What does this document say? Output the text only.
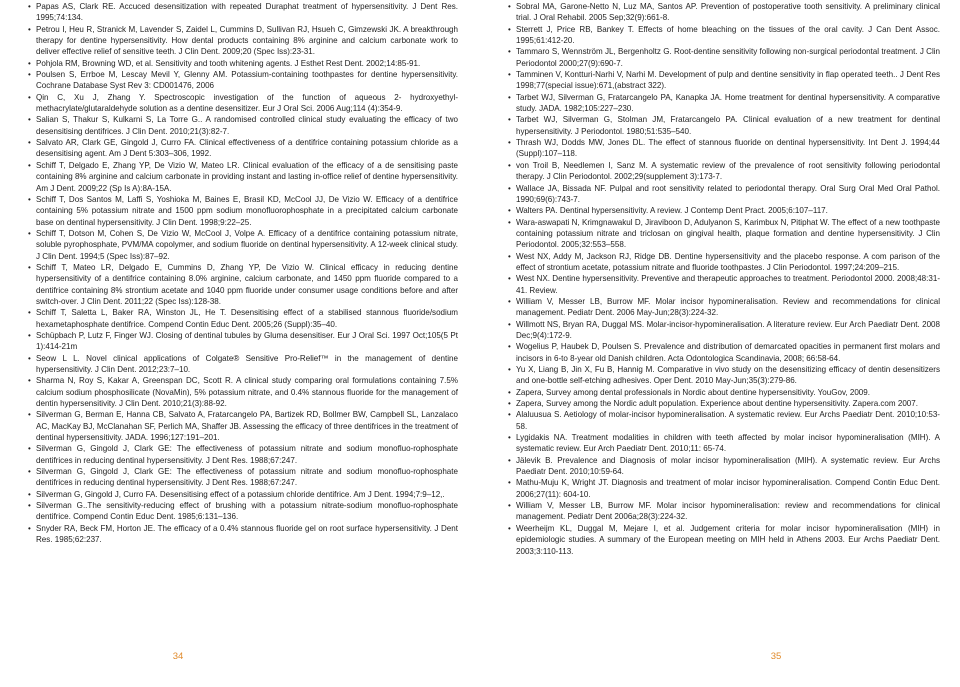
• Papas AS, Clark RE. Accuced desensitization with repeated Duraphat treatment of hypersensitivity. J Dent Res. 1995;74:134.
• Petrou I, Heu R, Stranick M, Lavender S, Zaidel L, Cummins D, Sullivan RJ, Hsueh C, Gimzewski JK. A breakthrough therapy for dentine hypersensitivity. How dental products containing 8% arginine and calcium carbonate work to deliver effective relief of sensitive teeth. J Clin Dent. 2009;20 (Spec Iss):23-31.
• Pohjola RM, Browning WD, et al. Sensitivity and tooth whitening agents. J Esthet Rest Dent. 2002;14:85-91.
• Poulsen S, Errboe M, Lescay Mevil Y, Glenny AM. Potassium-containing toothpastes for dentine hypersensitivity. Cochrane Database Syst Rev 3: CD001476, 2006
• Qin C, Xu J, Zhang Y. Spectroscopic investigation of the function of aqueous 2- hydroxyethyl-methacrylate/glutaraldehyde solution as a dentine desensitizer. Eur J Oral Sci. 2006 Aug;114 (4):354-9.
• Salian S, Thakur S, Kulkarni S, La Torre G.. A randomised controlled clinical study evaluating the efficacy of two desensitising dentifrices. J Clin Dent. 2010;21(3):82-7.
• Salvato AR, Clark GE, Gingold J, Curro FA. Clinical effectiveness of a dentifrice containing potassium chloride as a desensitising agent. Am J Dent 5:303–306, 1992.
• Schiff T, Delgado E, Zhang YP, De Vizio W, Mateo LR. Clinical evaluation of the efficacy of a de sensitising paste containing 8% arginine and calcium carbonate in providing instant and lasting in-office relief of dentine hypersensitivity. Am J Dent. 2009;22 (Sp Is A):8A-15A.
• Schiff T, Dos Santos M, Laffi S, Yoshioka M, Baines E, Brasil KD, McCool JJ, De Vizio W. Efficacy of a dentifrice containing 5% potassium nitrate and 1500 ppm sodium monofluorophosphate in a precipitated calcium carbonate base on dentinal hypersensitivity. J Clin Dent. 1998;9:22–25.
• Schiff T, Dotson M, Cohen S, De Vizio W, McCool J, Volpe A. Efficacy of a dentifrice containing potassium nitrate, soluble pyrophosphate, PVM/MA copolymer, and sodium fluoride on dentinal hypersensitivity. A 12-week clinical study. J Clin Dent. 1994;5 (Spec Iss):87–92.
• Schiff T, Mateo LR, Delgado E, Cummins D, Zhang YP, De Vizio W. Clinical efficacy in reducing dentine hypersensitivity of a dentifrice containing 8.0% arginine, calcium carbonate, and 1450 ppm fluoride compared to a dentifrice containing 8% strontium acetate and 1040 ppm fluoride under consumer usage conditions before and after switch-over. J Clin Dent. 2011;22 (Spec Iss):128-38.
• Schiff T, Saletta L, Baker RA, Winston JL, He T. Desensitising effect of a stabilised stannous fluoride/sodium hexametaphosphate dentifrice. Compend Contin Educ Dent. 2005;26 (Suppl):35–40.
• Schüpbach P, Lutz F, Finger WJ. Closing of dentinal tubules by Gluma desensitiser. Eur J Oral Sci. 1997 Oct;105(5 Pt 1):414-21m
• Seow L L. Novel clinical applications of Colgate® Sensitive Pro-Relief™ in the management of dentine hypersensitivity. J Clin Dent. 2012;23:7–10.
• Sharma N, Roy S, Kakar A, Greenspan DC, Scott R. A clinical study comparing oral formulations containing 7.5% calcium sodium phosphosilicate (NovaMin), 5% potassium nitrate, and 0.4% stannous fluoride for the management of dentin hypersensitivity. J Clin Dent. 2010;21(3):88-92.
• Silverman G, Berman E, Hanna CB, Salvato A, Fratarcangelo PA, Bartizek RD, Bollmer BW, Campbell SL, Lanzalaco AC, MacKay BJ, McClanahan SF, Perlich MA, Shaffer JB. Assessing the efficacy of three dentifrices in the treatment of dentinal hypersensitivity. JADA. 1996;127:191–201.
• Silverman G, Gingold J, Clark GE: The effectiveness of potassium nitrate and sodium monofluo-rophosphate dentifrices in reducing dentinal hypersensitivity. J Dent Res. 1988;67:247.
• Silverman G, Gingold J, Clark GE: The effectiveness of potassium nitrate and sodium monofluo-rophosphate dentifrices in reducing dentinal hypersensitivity. J Dent Res. 1988;67:247.
• Silverman G, Gingold J, Curro FA. Desensitising effect of a potassium chloride dentifrice. Am J Dent. 1994;7:9–12,.
• Silverman G..The sensitivity-reducing effect of brushing with a potassium nitrate-sodium monofluo-rophosphate dentifrice. Compend Contin Educ Dent. 1985;6:131–136.
• Snyder RA, Beck FM, Horton JE. The efficacy of a 0.4% stannous fluoride gel on root surface hypersensitivity. J Dent Res. 1985;62:237.
34
• Sobral MA, Garone-Netto N, Luz MA, Santos AP. Prevention of postoperative tooth sensitivity. A preliminary clinical trial. J Oral Rehabil. 2005 Sep;32(9):661-8.
• Sterrett J, Price RB, Bankey T. Effects of home bleaching on the tissues of the oral cavity. J Can Dent Assoc. 1995;61:412-20.
• Tammaro S, Wennström JL, Bergenholtz G. Root-dentine sensitivity following non-surgical periodontal treatment. J Clin Periodontol 2000;27(9):690-7.
• Tamminen V, Kontturi-Narhi V, Narhi M. Development of pulp and dentine sensitivity in flap operated teeth.. J Dent Res 1998;77(special issue):671,(abstract 322).
• Tarbet WJ, Silverman G, Fratarcangelo PA, Kanapka JA. Home treatment for dentinal hypersensitivity. A comparative study. JADA. 1982;105:227–230.
• Tarbet WJ, Silverman G, Stolman JM, Fratarcangelo PA. Clinical evaluation of a new treatment for dentinal hypersensitivity. J Periodontol. 1980;51:535–540.
• Thrash WJ, Dodds MW, Jones DL. The effect of stannous fluoride on dentinal hypersensitivity. Int Dent J. 1994;44 (Suppl):107–118.
• von Troil B, Needlemen I, Sanz M. A systematic review of the prevalence of root sensitivity following periodontal therapy. J Clin Periodontol. 2002;29(supplement 3):173-7.
• Wallace JA, Bissada NF. Pulpal and root sensitivity related to periodontal therapy. Oral Surg Oral Med Oral Pathol. 1990;69(6):743-7.
• Walters PA. Dentinal hypersensitivity. A review. J Contemp Dent Pract. 2005;6:107–117.
• Wara-aswapati N, Krimgnawakul D, Jiraviboon D, Adulyanon S, Karimbux N, Pitiphat W. The effect of a new toothpaste containing potassium nitrate and triclosan on gingival health, plaque formation and dentine hypersensitivity. J Clin Periodontol. 2005;32:553–558.
• West NX, Addy M, Jackson RJ, Ridge DB. Dentine hypersensitivity and the placebo response. A com parison of the effect of strontium acetate, potassium nitrate and fluoride toothpastes. J Clin Periodontol. 1997;24:209–215.
• West NX. Dentine hypersensitivity. Preventive and therapeutic approaches to treatment. Periodontol 2000. 2008;48:31-41. Review.
• William V, Messer LB, Burrow MF. Molar incisor hypomineralisation. Review and recommendations for clinical management. Pediatr Dent. 2006 May-Jun;28(3):224-32.
• Willmott NS, Bryan RA, Duggal MS. Molar-incisor-hypomineralisation. A literature review. Eur Arch Paediatr Dent. 2008 Dec;9(4):172-9.
• Wogelius P, Haubek D, Poulsen S. Prevalence and distribution of demarcated opacities in permanent first molars and incisors in 6-to 8-year old Danish children. Acta Odontologica Scandinavia, 2008; 66:58-64.
• Yu X, Liang B, Jin X, Fu B, Hannig M. Comparative in vivo study on the desensitizing efficacy of dentin desensitizers and one-bottle self-etching adhesives. Oper Dent. 2010 May-Jun;35(3):279-86.
• Zapera, Survey among dental professionals in Nordic about dentine hypersensitivity. YouGov, 2009.
• Zapera, Survey among the Nordic adult population. Experience about dentine hypersensitivity. Zapera.com 2007.
• Alaluusua S. Aetiology of molar-incisor hypomineralisation. A systematic review. Eur Archs Paediatr Dent. 2010;10:53-58.
• Lygidakis NA. Treatment modalities in children with teeth affected by molar incisor hypomineralisation (MIH). A systematic review. Eur Arch Paediatr Dent. 2010;11: 65-74.
• Jälevik B. Prevalence and Diagnosis of molar incisor hypomineralisation (MIH). A systematic review. Eur Archs Paediatr Dent. 2010;10:59-64.
• Mathu-Muju K, Wright JT. Diagnosis and treatment of molar incisor hypomineralisation. Compend Contin Educ Dent. 2006;27(11): 604-10.
• William V, Messer LB, Burrow MF. Molar incisor hypomineralisation: review and recommendations for clinical management. Pediatr Dent 2006a;28(3):224-32.
• Weerheijm KL, Duggal M, Mejare I, et al. Judgement criteria for molar incisor hypomineralisation (MIH) in epidemiologic studies. A summary of the European meeting on MIH held in Athens 2003. Eur Archs Paediatr Dent. 2003;3:110-113.
35
